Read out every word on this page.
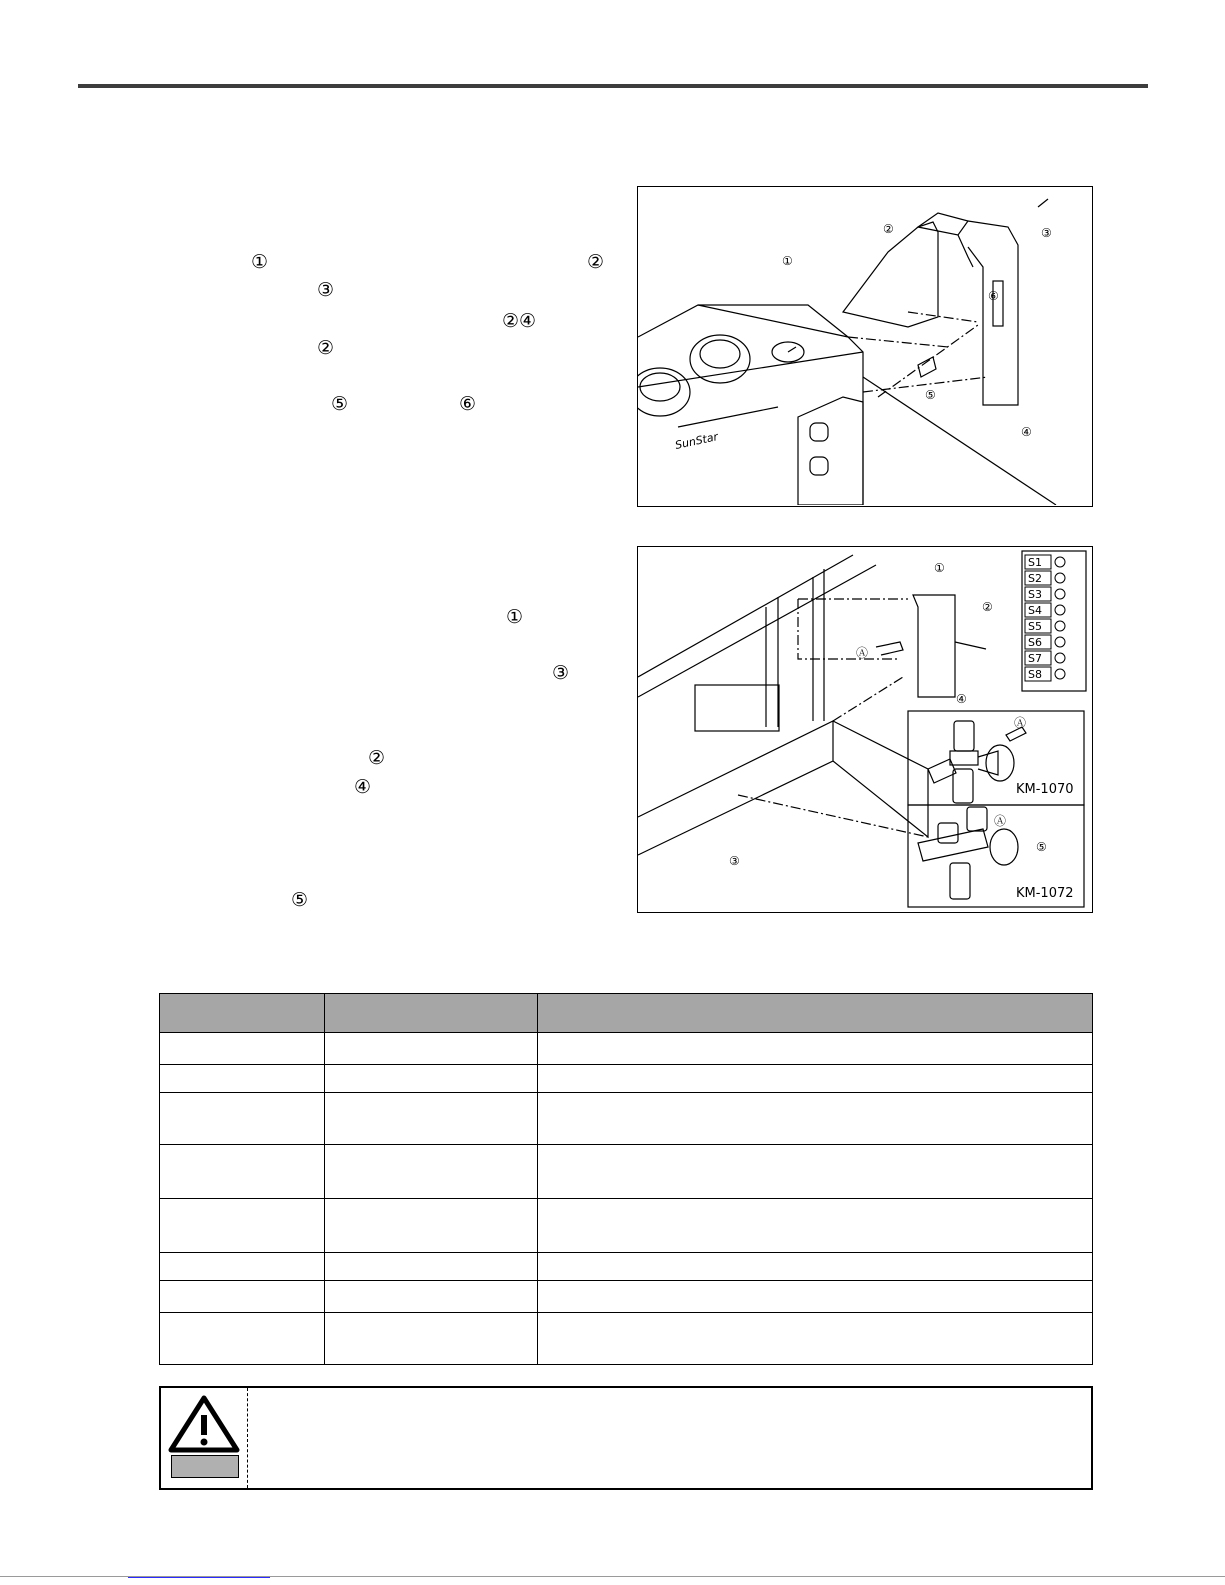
①	②
③
②④
②
⑤	⑥
①
③
②
④
⑤
②
①
③
⑥
⑤
④
SunStar
S1
S2
S3
S4
S5
S6
S7
S8
①
②
Ⓐ
④
Ⓐ
Ⓐ
⑤
③
KM-1070
KM-1072
